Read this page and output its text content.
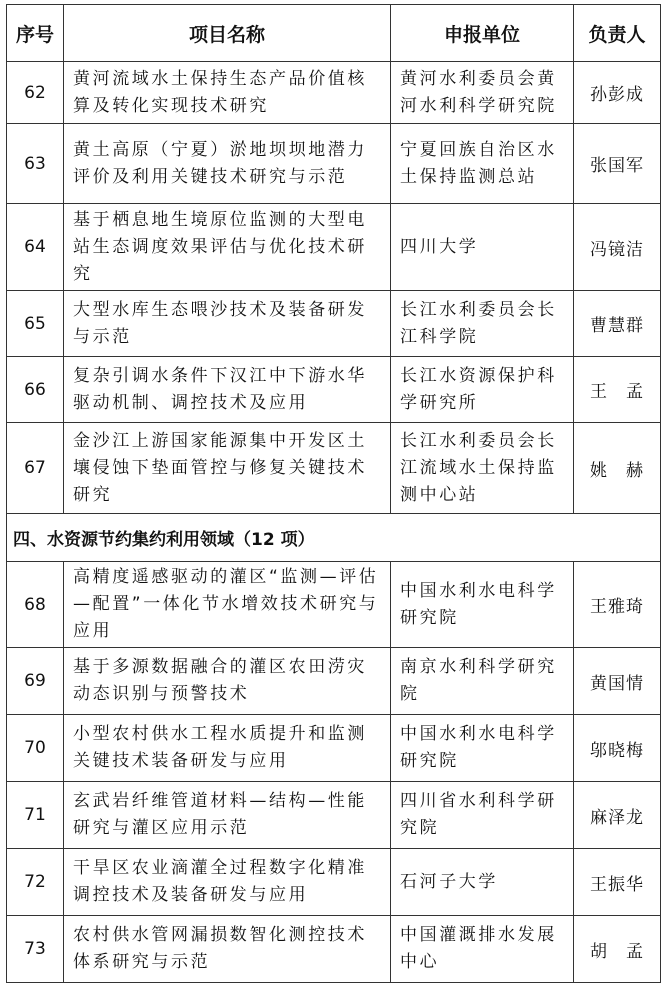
序号	项目名称	申报单位	负责人
62	黄河流域水土保持生态产品价值核算及转化实现技术研究	黄河水利委员会黄河水利科学研究院	孙彭成
63	黄土高原（宁夏）淤地坝坝地潜力评价及利用关键技术研究与示范	宁夏回族自治区水土保持监测总站	张国军
64	基于栖息地生境原位监测的大型电站生态调度效果评估与优化技术研究	四川大学	冯镜洁
65	大型水库生态喂沙技术及装备研发与示范	长江水利委员会长江科学院	曹慧群
66	复杂引调水条件下汉江中下游水华驱动机制、调控技术及应用	长江水资源保护科学研究所	王　孟
67	金沙江上游国家能源集中开发区土壤侵蚀下垫面管控与修复关键技术研究	长江水利委员会长江流域水土保持监测中心站	姚　赫
四、水资源节约集约利用领域（12 项）			
68	高精度遥感驱动的灌区“监测—评估—配置”一体化节水增效技术研究与应用	中国水利水电科学研究院	王雅琦
69	基于多源数据融合的灌区农田涝灾动态识别与预警技术	南京水利科学研究院	黄国情
70	小型农村供水工程水质提升和监测关键技术装备研发与应用	中国水利水电科学研究院	邬晓梅
71	玄武岩纤维管道材料—结构—性能研究与灌区应用示范	四川省水利科学研究院	麻泽龙
72	干旱区农业滴灌全过程数字化精准调控技术及装备研发与应用	石河子大学	王振华
73	农村供水管网漏损数智化测控技术体系研究与示范	中国灌溉排水发展中心	胡　孟
